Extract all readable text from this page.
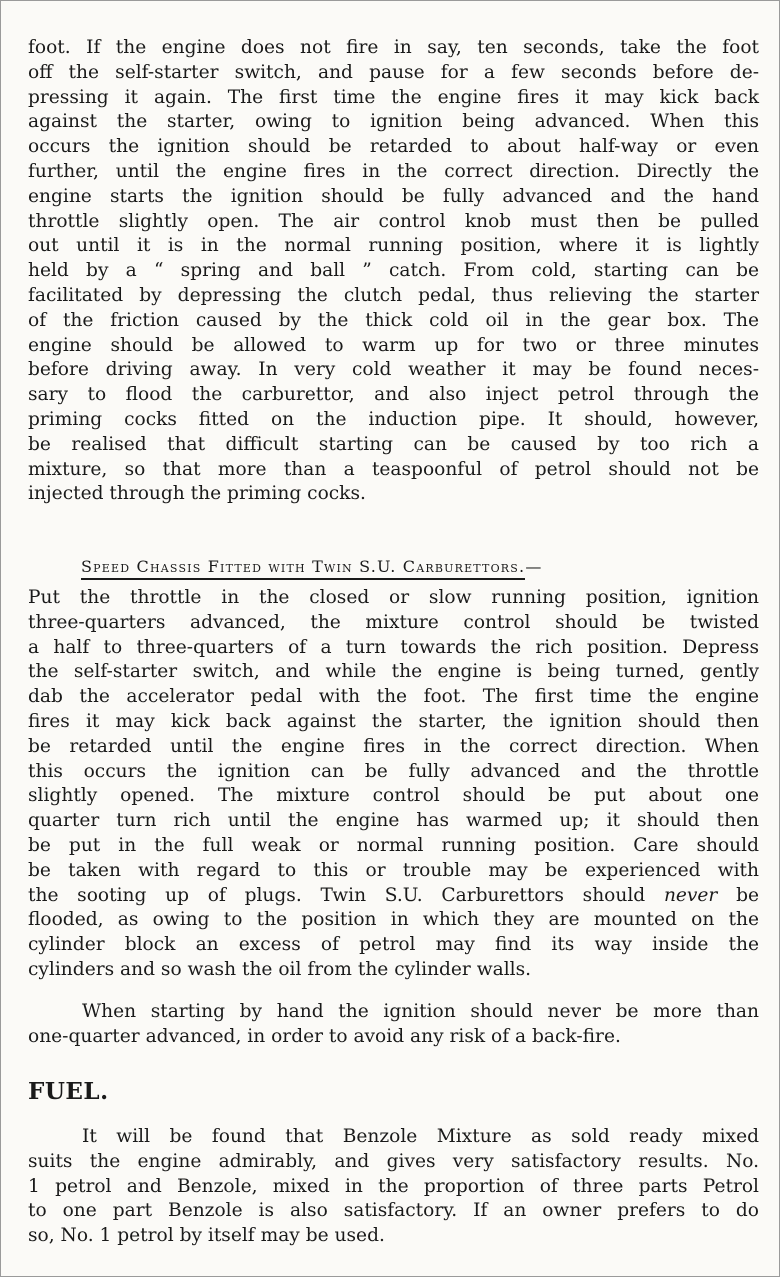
foot. If the engine does not fire in say, ten seconds, take the foot
off the self-starter switch, and pause for a few seconds before de-
pressing it again. The first time the engine fires it may kick back
against the starter, owing to ignition being advanced. When this
occurs the ignition should be retarded to about half-way or even
further, until the engine fires in the correct direction. Directly the
engine starts the ignition should be fully advanced and the hand
throttle slightly open. The air control knob must then be pulled
out until it is in the normal running position, where it is lightly
held by a “ spring and ball ” catch. From cold, starting can be
facilitated by depressing the clutch pedal, thus relieving the starter
of the friction caused by the thick cold oil in the gear box. The
engine should be allowed to warm up for two or three minutes
before driving away. In very cold weather it may be found neces-
sary to flood the carburettor, and also inject petrol through the
priming cocks fitted on the induction pipe. It should, however,
be realised that difficult starting can be caused by too rich a
mixture, so that more than a teaspoonful of petrol should not be
injected through the priming cocks.

Speed Chassis Fitted with Twin S.U. Carburettors.—

Put the throttle in the closed or slow running position, ignition
three-quarters advanced, the mixture control should be twisted
a half to three-quarters of a turn towards the rich position. Depress
the self-starter switch, and while the engine is being turned, gently
dab the accelerator pedal with the foot. The first time the engine
fires it may kick back against the starter, the ignition should then
be retarded until the engine fires in the correct direction. When
this occurs the ignition can be fully advanced and the throttle
slightly opened. The mixture control should be put about one
quarter turn rich until the engine has warmed up; it should then
be put in the full weak or normal running position. Care should
be taken with regard to this or trouble may be experienced with
the sooting up of plugs. Twin S.U. Carburettors should never be
flooded, as owing to the position in which they are mounted on the
cylinder block an excess of petrol may find its way inside the
cylinders and so wash the oil from the cylinder walls.

When starting by hand the ignition should never be more than
one-quarter advanced, in order to avoid any risk of a back-fire.

FUEL.

It will be found that Benzole Mixture as sold ready mixed
suits the engine admirably, and gives very satisfactory results. No.
1 petrol and Benzole, mixed in the proportion of three parts Petrol
to one part Benzole is also satisfactory. If an owner prefers to do
so, No. 1 petrol by itself may be used.
